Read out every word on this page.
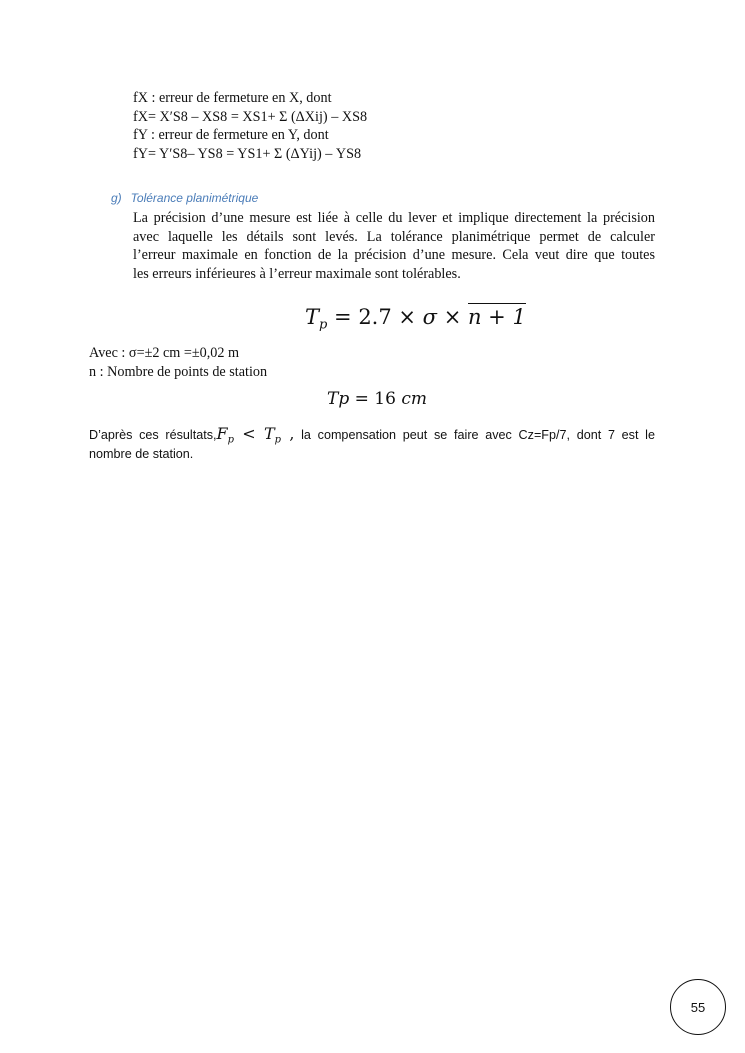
fX : erreur de fermeture en X, dont
fX= X′S8 – XS8 = XS1+ Σ (ΔXij) – XS8
fY : erreur de fermeture en Y, dont
fY= Y′S8– YS8 = YS1+ Σ (ΔYij) – YS8
g) Tolérance planimétrique
La précision d’une mesure est liée à celle du lever et implique directement la précision
avec laquelle les détails sont levés. La tolérance planimétrique permet de calculer
l’erreur maximale en fonction de la précision d’une mesure. Cela veut dire que toutes
les erreurs inférieures à l’erreur maximale sont tolérables.
$T_p = 2.7 \times \sigma \times n + 1$
Avec : σ=±2 cm =±0,02 m
n : Nombre de points de station
Tp = 16 cm
D’après ces $résultats,F_p < T_p$ , la compensation peut se faire avec Cz=Fp/7, dont 7 est le
nombre de station.
55
